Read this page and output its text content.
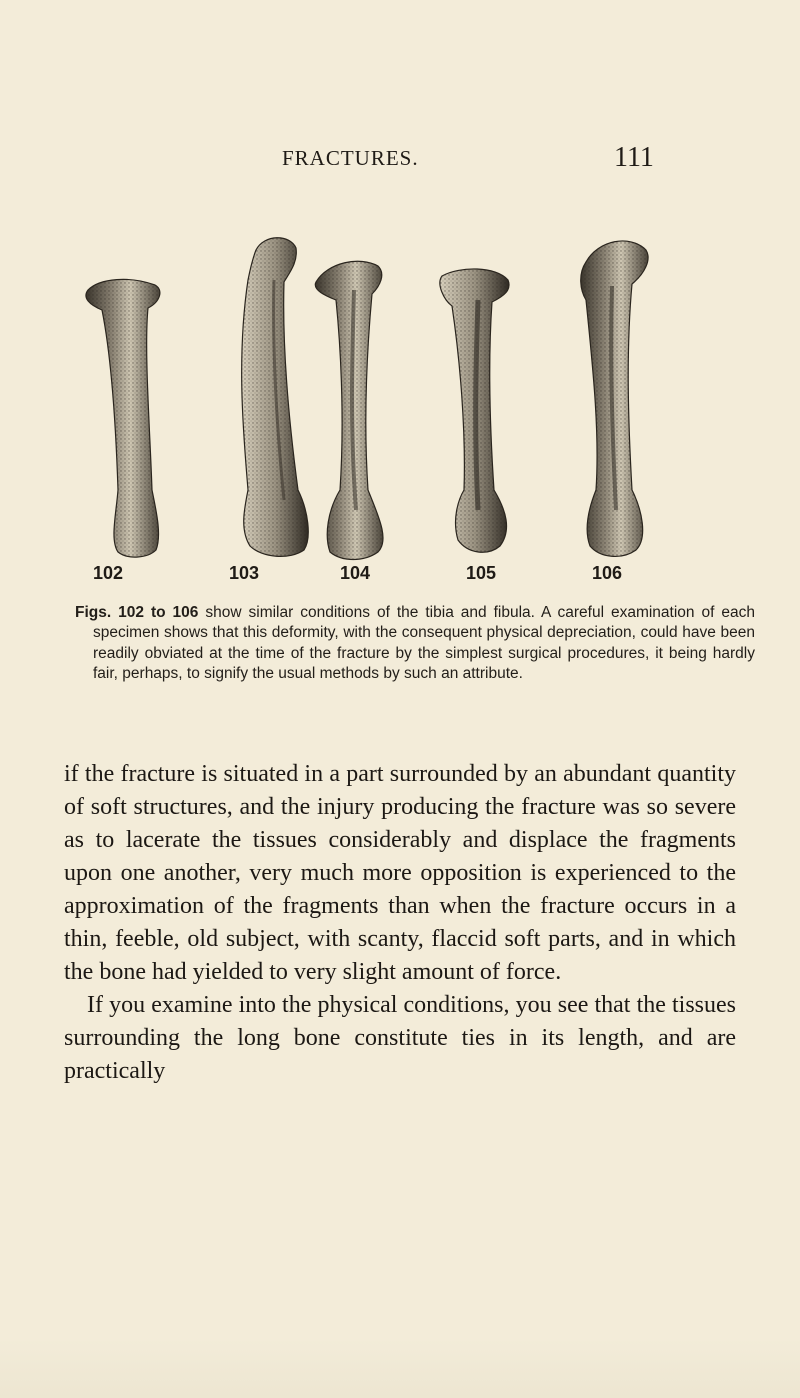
FRACTURES.	111
102	103	104	105	106
Figs. 102 to 106 show similar conditions of the tibia and fibula. A careful examination of each specimen shows that this deformity, with the consequent physical depreciation, could have been readily obviated at the time of the fracture by the simplest surgical procedures, it being hardly fair, perhaps, to signify the usual methods by such an attribute.

if the fracture is situated in a part surrounded by an abundant quantity of soft structures, and the injury producing the fracture was so severe as to lacerate the tissues considerably and displace the fragments upon one another, very much more opposition is experienced to the approximation of the fragments than when the fracture occurs in a thin, feeble, old subject, with scanty, flaccid soft parts, and in which the bone had yielded to very slight amount of force.

If you examine into the physical conditions, you see that the tissues surrounding the long bone constitute ties in its length, and are practically
